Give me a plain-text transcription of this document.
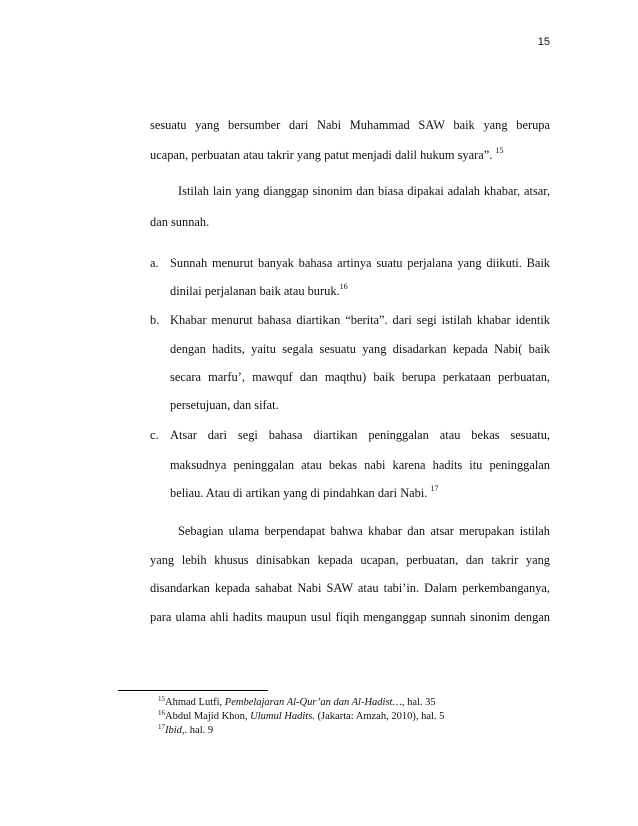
15
sesuatu yang bersumber dari Nabi Muhammad SAW baik yang berupa
ucapan, perbuatan atau takrir yang patut menjadi dalil hukum syara”. $^{15}$
Istilah lain yang dianggap sinonim dan biasa dipakai adalah khabar, atsar,
dan sunnah.
a. Sunnah menurut banyak bahasa artinya suatu perjalana yang diikuti. Baik
dinilai perjalanan baik atau buruk.$^{16}$
b. Khabar menurut bahasa diartikan “berita”. dari segi istilah khabar identik
dengan hadits, yaitu segala sesuatu yang disadarkan kepada Nabi( baik
secara marfu’, mawquf dan maqthu) baik berupa perkataan perbuatan,
persetujuan, dan sifat.
c. Atsar dari segi bahasa diartikan peninggalan atau bekas sesuatu,
maksudnya peninggalan atau bekas nabi karena hadits itu peninggalan
beliau. Atau di artikan yang di pindahkan dari Nabi. $^{17}$
Sebagian ulama berpendapat bahwa khabar dan atsar merupakan istilah
yang lebih khusus dinisabkan kepada ucapan, perbuatan, dan takrir yang
disandarkan kepada sahabat Nabi SAW atau tabi’in. Dalam perkembanganya,
para ulama ahli hadits maupun usul fiqih menganggap sunnah sinonim dengan
$^{15}$Ahmad Lutfi, Pembelajaran Al-Qur’an dan Al-Hadist…, hal. 35
$^{16}$Abdul Majid Khon, Ulumul Hadits. (Jakarta: Amzah, 2010), hal. 5
$^{17}$Ibid,. hal. 9
